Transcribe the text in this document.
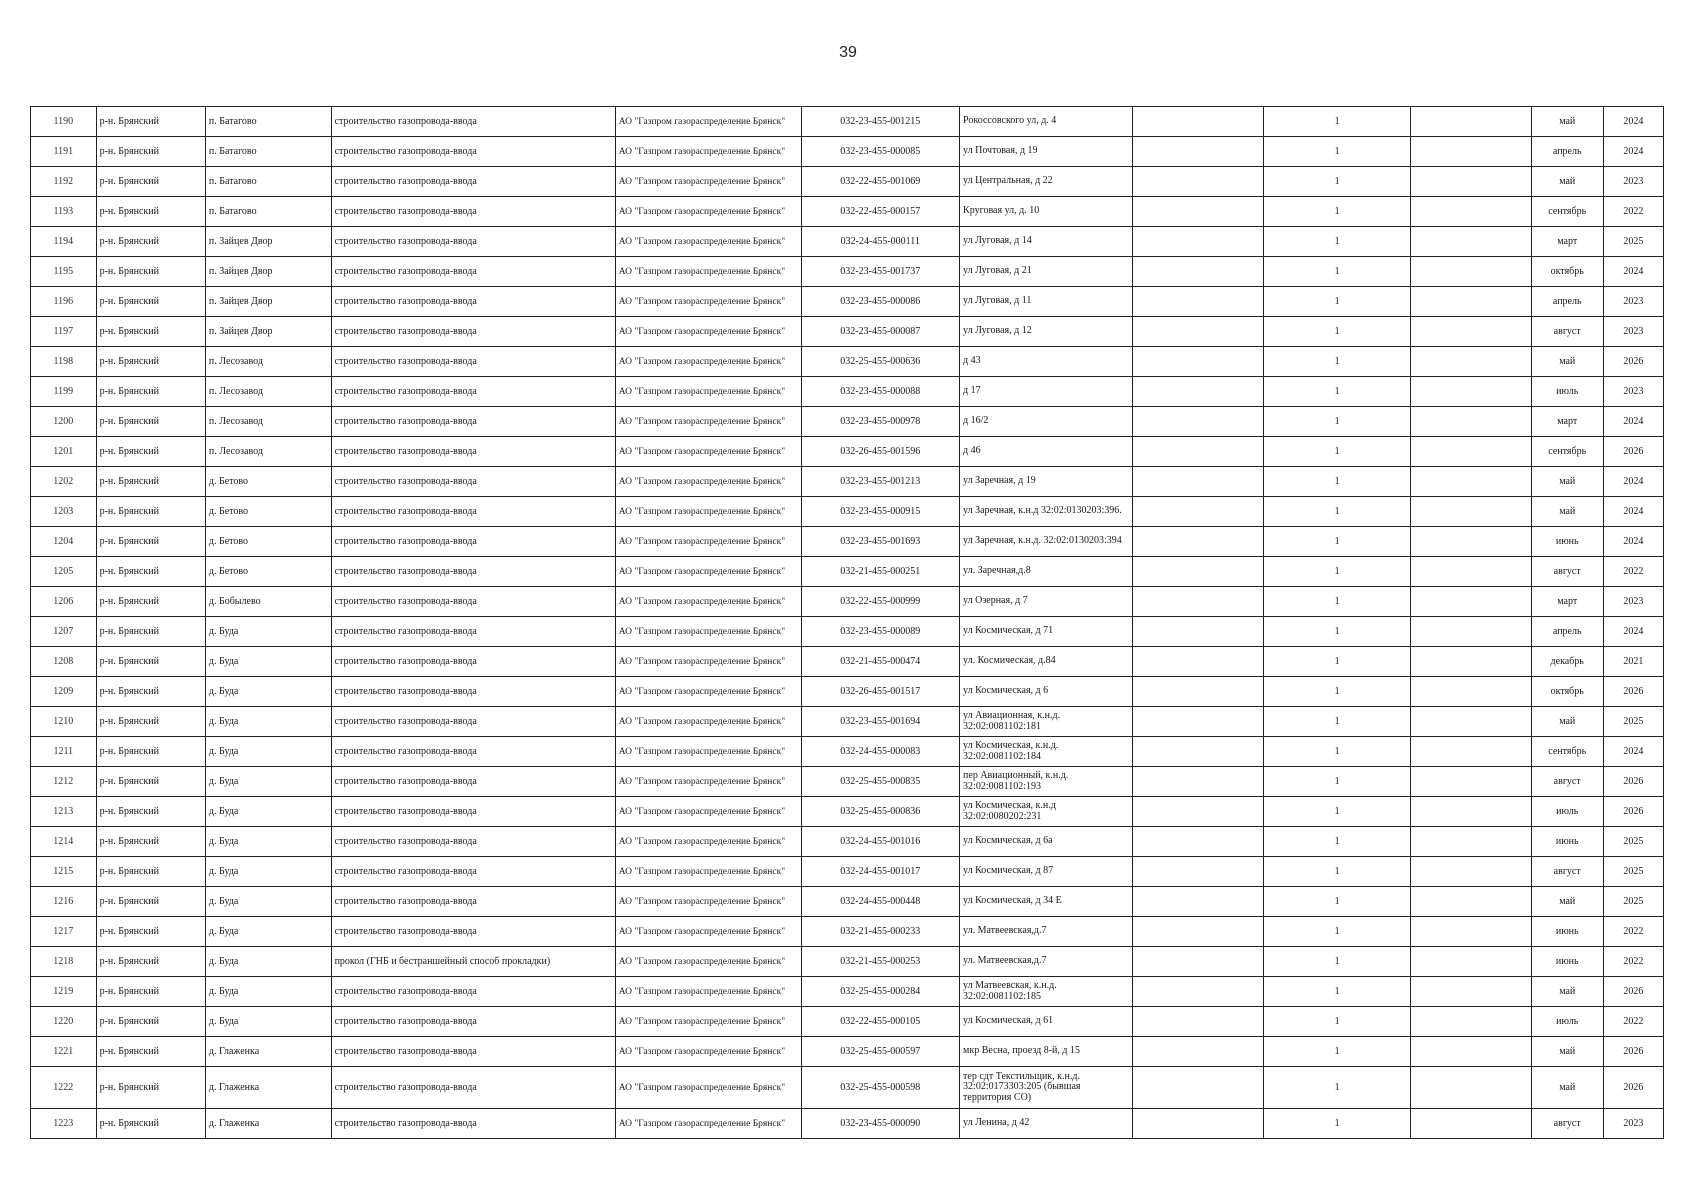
39
1190	р-н. Брянский	п. Батагово	строительство газопровода-ввода	АО "Газпром газораспределение Брянск"	032-23-455-001215	Рокоссовского ул, д. 4		1		май	2024
1191	р-н. Брянский	п. Батагово	строительство газопровода-ввода	АО "Газпром газораспределение Брянск"	032-23-455-000085	ул Почтовая, д 19		1		апрель	2024
1192	р-н. Брянский	п. Батагово	строительство газопровода-ввода	АО "Газпром газораспределение Брянск"	032-22-455-001069	ул Центральная, д 22		1		май	2023
1193	р-н. Брянский	п. Батагово	строительство газопровода-ввода	АО "Газпром газораспределение Брянск"	032-22-455-000157	Круговая ул, д. 10		1		сентябрь	2022
1194	р-н. Брянский	п. Зайцев Двор	строительство газопровода-ввода	АО "Газпром газораспределение Брянск"	032-24-455-000111	ул Луговая, д 14		1		март	2025
1195	р-н. Брянский	п. Зайцев Двор	строительство газопровода-ввода	АО "Газпром газораспределение Брянск"	032-23-455-001737	ул Луговая, д 21		1		октябрь	2024
1196	р-н. Брянский	п. Зайцев Двор	строительство газопровода-ввода	АО "Газпром газораспределение Брянск"	032-23-455-000086	ул Луговая, д 11		1		апрель	2023
1197	р-н. Брянский	п. Зайцев Двор	строительство газопровода-ввода	АО "Газпром газораспределение Брянск"	032-23-455-000087	ул Луговая, д 12		1		август	2023
1198	р-н. Брянский	п. Лесозавод	строительство газопровода-ввода	АО "Газпром газораспределение Брянск"	032-25-455-000636	д 43		1		май	2026
1199	р-н. Брянский	п. Лесозавод	строительство газопровода-ввода	АО "Газпром газораспределение Брянск"	032-23-455-000088	д 17		1		июль	2023
1200	р-н. Брянский	п. Лесозавод	строительство газопровода-ввода	АО "Газпром газораспределение Брянск"	032-23-455-000978	д 16/2		1		март	2024
1201	р-н. Брянский	п. Лесозавод	строительство газопровода-ввода	АО "Газпром газораспределение Брянск"	032-26-455-001596	д 46		1		сентябрь	2026
1202	р-н. Брянский	д. Бетово	строительство газопровода-ввода	АО "Газпром газораспределение Брянск"	032-23-455-001213	ул Заречная, д 19		1		май	2024
1203	р-н. Брянский	д. Бетово	строительство газопровода-ввода	АО "Газпром газораспределение Брянск"	032-23-455-000915	ул Заречная, к.н.д 32:02:0130203:396.		1		май	2024
1204	р-н. Брянский	д. Бетово	строительство газопровода-ввода	АО "Газпром газораспределение Брянск"	032-23-455-001693	ул Заречная, к.н.д. 32:02:0130203:394		1		июнь	2024
1205	р-н. Брянский	д. Бетово	строительство газопровода-ввода	АО "Газпром газораспределение Брянск"	032-21-455-000251	ул. Заречная,д.8		1		август	2022
1206	р-н. Брянский	д. Бобылево	строительство газопровода-ввода	АО "Газпром газораспределение Брянск"	032-22-455-000999	ул Озерная, д 7		1		март	2023
1207	р-н. Брянский	д. Буда	строительство газопровода-ввода	АО "Газпром газораспределение Брянск"	032-23-455-000089	ул Космическая, д 71		1		апрель	2024
1208	р-н. Брянский	д. Буда	строительство газопровода-ввода	АО "Газпром газораспределение Брянск"	032-21-455-000474	ул. Космическая, д.84		1		декабрь	2021
1209	р-н. Брянский	д. Буда	строительство газопровода-ввода	АО "Газпром газораспределение Брянск"	032-26-455-001517	ул Космическая, д 6		1		октябрь	2026
1210	р-н. Брянский	д. Буда	строительство газопровода-ввода	АО "Газпром газораспределение Брянск"	032-23-455-001694	ул Авиационная, к.н.д. 32:02:0081102:181		1		май	2025
1211	р-н. Брянский	д. Буда	строительство газопровода-ввода	АО "Газпром газораспределение Брянск"	032-24-455-000083	ул Космическая, к.н.д. 32:02:0081102:184		1		сентябрь	2024
1212	р-н. Брянский	д. Буда	строительство газопровода-ввода	АО "Газпром газораспределение Брянск"	032-25-455-000835	пер Авиационный, к.н.д. 32:02:0081102:193		1		август	2026
1213	р-н. Брянский	д. Буда	строительство газопровода-ввода	АО "Газпром газораспределение Брянск"	032-25-455-000836	ул Космическая, к.н.д 32:02:0080202:231		1		июль	2026
1214	р-н. Брянский	д. Буда	строительство газопровода-ввода	АО "Газпром газораспределение Брянск"	032-24-455-001016	ул Космическая, д 6а		1		июнь	2025
1215	р-н. Брянский	д. Буда	строительство газопровода-ввода	АО "Газпром газораспределение Брянск"	032-24-455-001017	ул Космическая, д 87		1		август	2025
1216	р-н. Брянский	д. Буда	строительство газопровода-ввода	АО "Газпром газораспределение Брянск"	032-24-455-000448	ул Космическая, д 34 Е		1		май	2025
1217	р-н. Брянский	д. Буда	строительство газопровода-ввода	АО "Газпром газораспределение Брянск"	032-21-455-000233	ул. Матвеевская,д.7		1		июнь	2022
1218	р-н. Брянский	д. Буда	прокол (ГНБ и бестраншейный способ прокладки)	АО "Газпром газораспределение Брянск"	032-21-455-000253	ул. Матвеевская,д.7		1		июнь	2022
1219	р-н. Брянский	д. Буда	строительство газопровода-ввода	АО "Газпром газораспределение Брянск"	032-25-455-000284	ул Матвеевская, к.н.д. 32:02:0081102:185		1		май	2026
1220	р-н. Брянский	д. Буда	строительство газопровода-ввода	АО "Газпром газораспределение Брянск"	032-22-455-000105	ул Космическая, д 61		1		июль	2022
1221	р-н. Брянский	д. Глаженка	строительство газопровода-ввода	АО "Газпром газораспределение Брянск"	032-25-455-000597	мкр Весна, проезд 8-й, д 15		1		май	2026
1222	р-н. Брянский	д. Глаженка	строительство газопровода-ввода	АО "Газпром газораспределение Брянск"	032-25-455-000598	тер сдт Текстильщик, к.н.д. 32:02:0173303:205 (бывшая территория СО)		1		май	2026
1223	р-н. Брянский	д. Глаженка	строительство газопровода-ввода	АО "Газпром газораспределение Брянск"	032-23-455-000090	ул Ленина, д 42		1		август	2023
